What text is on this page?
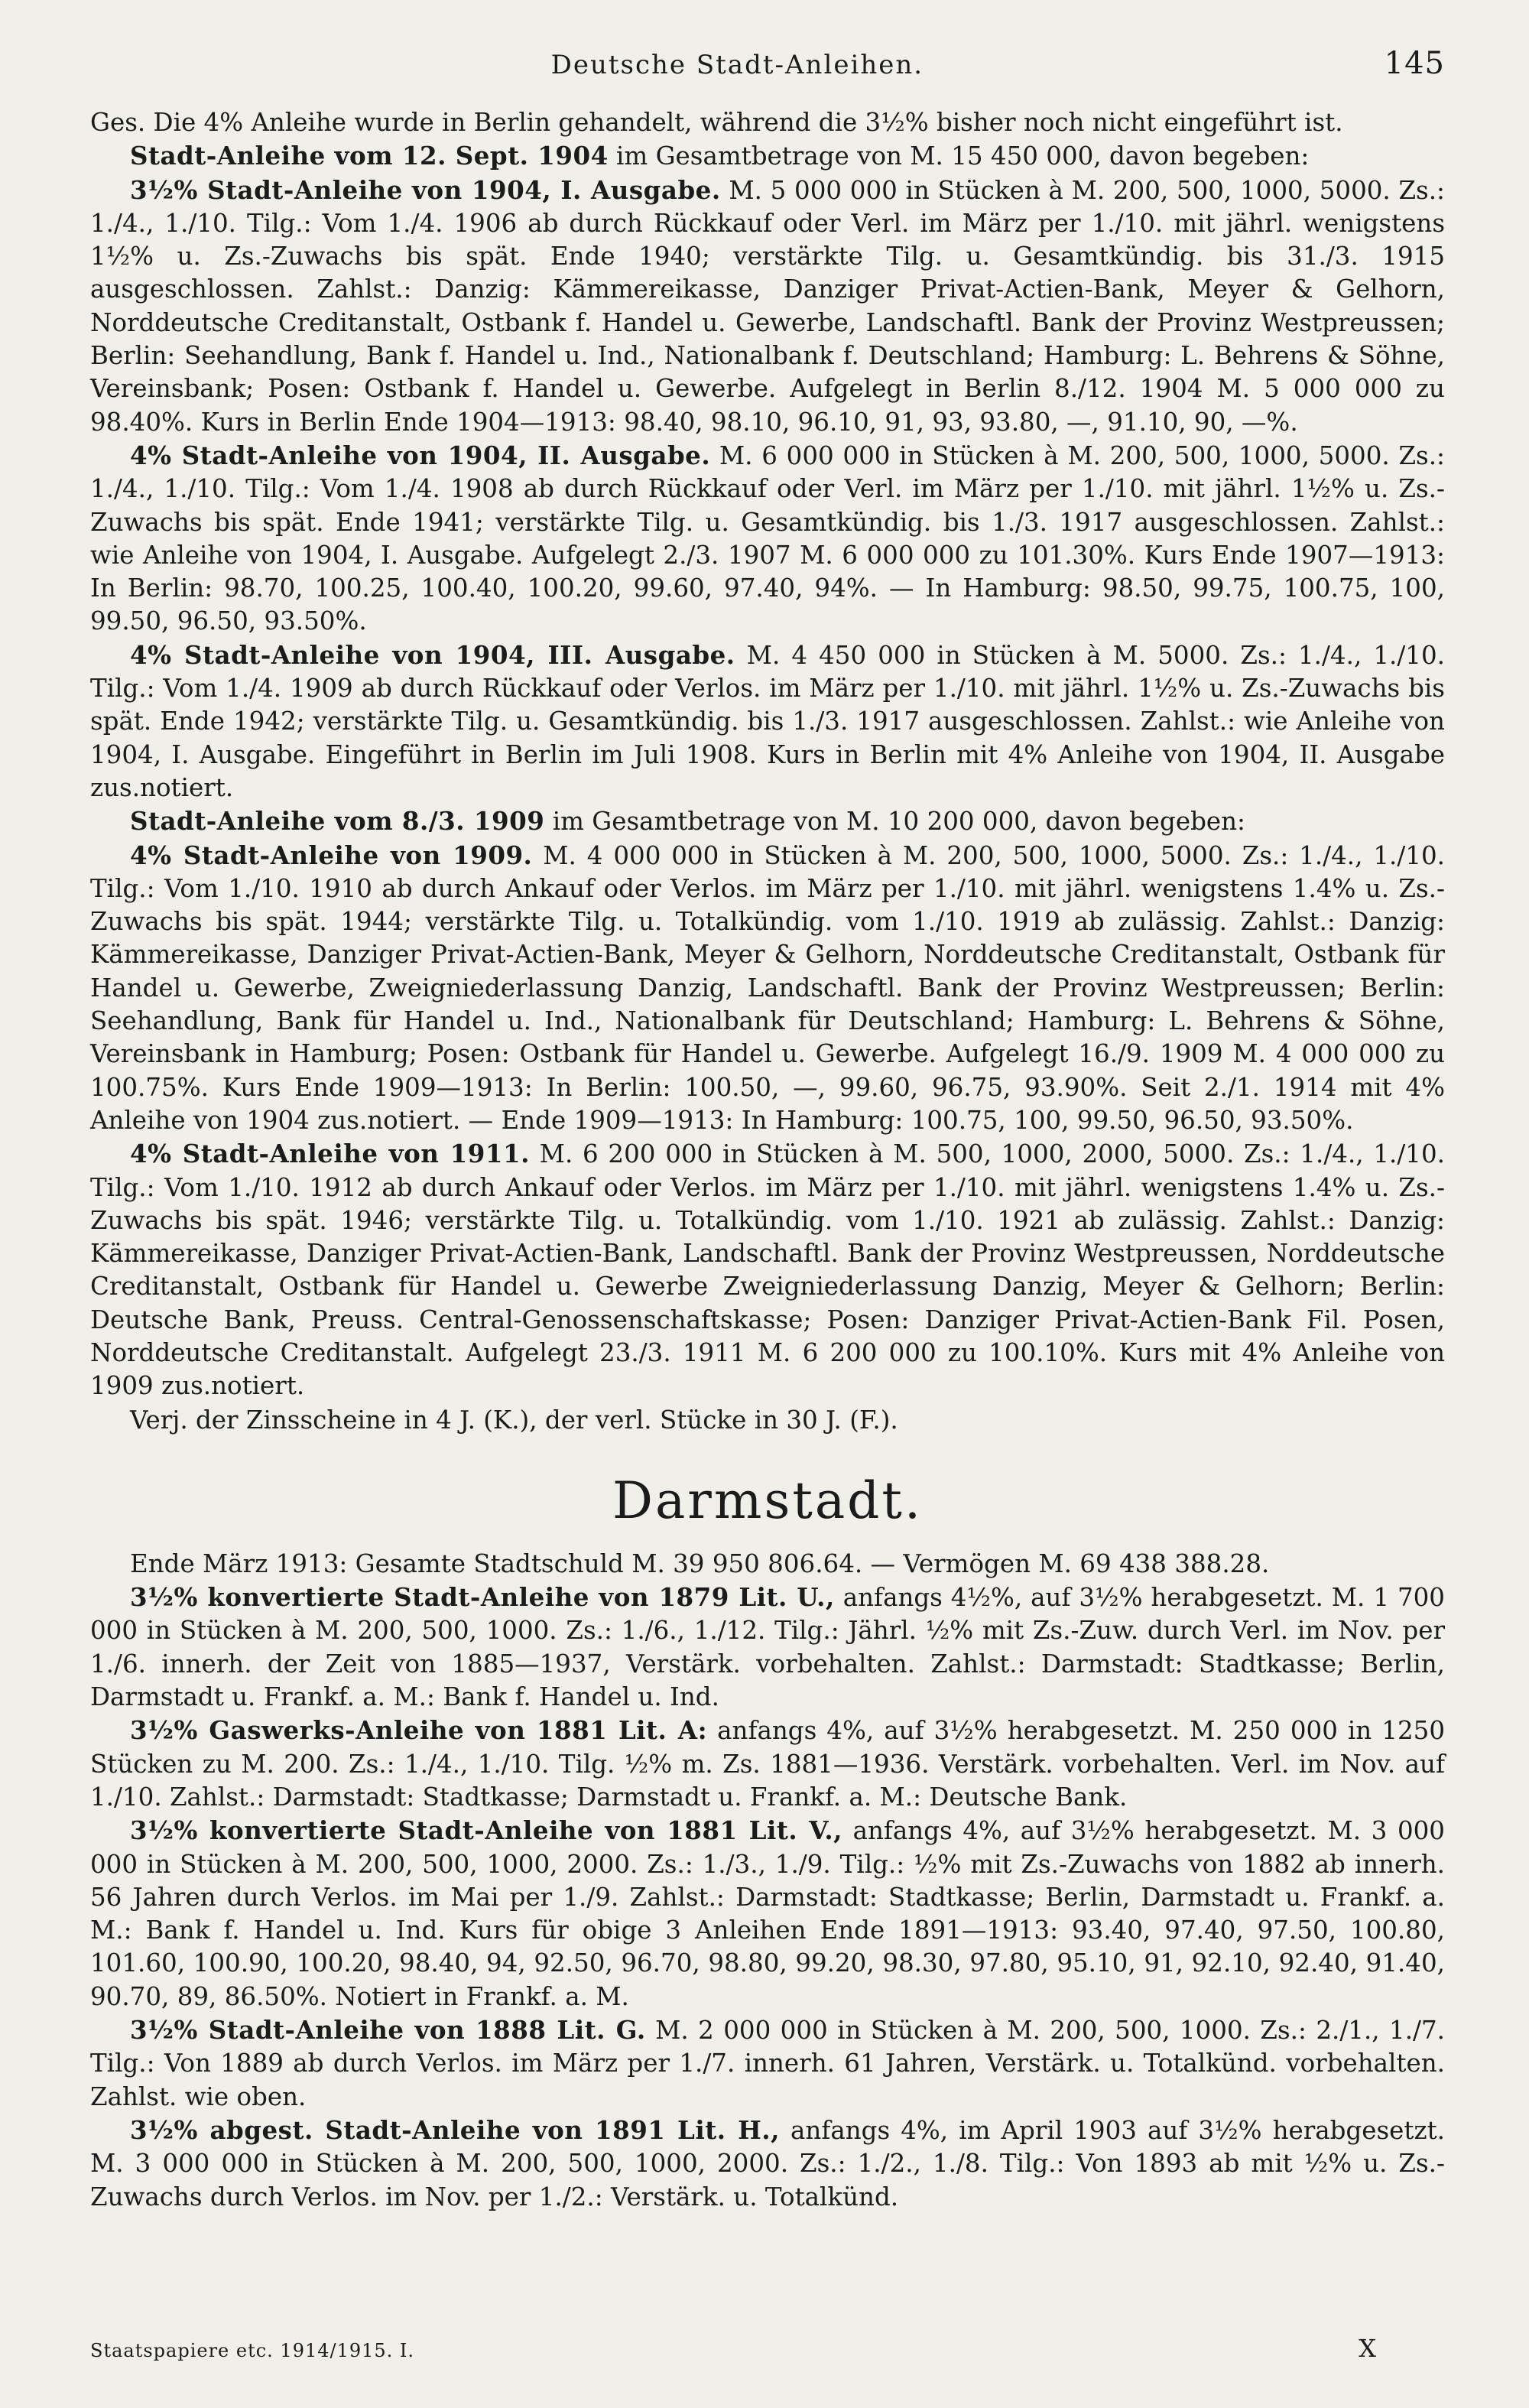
Deutsche Stadt-Anleihen.	145

Ges. Die 4% Anleihe wurde in Berlin gehandelt, während die 3½% bisher noch nicht eingeführt ist.

Stadt-Anleihe vom 12. Sept. 1904 im Gesamtbetrage von M. 15 450 000, davon begeben:

3½% Stadt-Anleihe von 1904, I. Ausgabe. M. 5 000 000 in Stücken à M. 200, 500, 1000, 5000. Zs.: 1./4., 1./10. Tilg.: Vom 1./4. 1906 ab durch Rückkauf oder Verl. im März per 1./10. mit jährl. wenigstens 1½% u. Zs.-Zuwachs bis spät. Ende 1940; verstärkte Tilg. u. Gesamtkündig. bis 31./3. 1915 ausgeschlossen. Zahlst.: Danzig: Kämmereikasse, Danziger Privat-Actien-Bank, Meyer & Gelhorn, Norddeutsche Creditanstalt, Ostbank f. Handel u. Gewerbe, Landschaftl. Bank der Provinz Westpreussen; Berlin: Seehandlung, Bank f. Handel u. Ind., Nationalbank f. Deutschland; Hamburg: L. Behrens & Söhne, Vereinsbank; Posen: Ostbank f. Handel u. Gewerbe. Aufgelegt in Berlin 8./12. 1904 M. 5 000 000 zu 98.40%. Kurs in Berlin Ende 1904—1913: 98.40, 98.10, 96.10, 91, 93, 93.80, —, 91.10, 90, —%.

4% Stadt-Anleihe von 1904, II. Ausgabe. M. 6 000 000 in Stücken à M. 200, 500, 1000, 5000. Zs.: 1./4., 1./10. Tilg.: Vom 1./4. 1908 ab durch Rückkauf oder Verl. im März per 1./10. mit jährl. 1½% u. Zs.-Zuwachs bis spät. Ende 1941; verstärkte Tilg. u. Gesamtkündig. bis 1./3. 1917 ausgeschlossen. Zahlst.: wie Anleihe von 1904, I. Ausgabe. Aufgelegt 2./3. 1907 M. 6 000 000 zu 101.30%. Kurs Ende 1907—1913: In Berlin: 98.70, 100.25, 100.40, 100.20, 99.60, 97.40, 94%. — In Hamburg: 98.50, 99.75, 100.75, 100, 99.50, 96.50, 93.50%.

4% Stadt-Anleihe von 1904, III. Ausgabe. M. 4 450 000 in Stücken à M. 5000. Zs.: 1./4., 1./10. Tilg.: Vom 1./4. 1909 ab durch Rückkauf oder Verlos. im März per 1./10. mit jährl. 1½% u. Zs.-Zuwachs bis spät. Ende 1942; verstärkte Tilg. u. Gesamtkündig. bis 1./3. 1917 ausgeschlossen. Zahlst.: wie Anleihe von 1904, I. Ausgabe. Eingeführt in Berlin im Juli 1908. Kurs in Berlin mit 4% Anleihe von 1904, II. Ausgabe zus.notiert.

Stadt-Anleihe vom 8./3. 1909 im Gesamtbetrage von M. 10 200 000, davon begeben:

4% Stadt-Anleihe von 1909. M. 4 000 000 in Stücken à M. 200, 500, 1000, 5000. Zs.: 1./4., 1./10. Tilg.: Vom 1./10. 1910 ab durch Ankauf oder Verlos. im März per 1./10. mit jährl. wenigstens 1.4% u. Zs.-Zuwachs bis spät. 1944; verstärkte Tilg. u. Totalkündig. vom 1./10. 1919 ab zulässig. Zahlst.: Danzig: Kämmereikasse, Danziger Privat-Actien-Bank, Meyer & Gelhorn, Norddeutsche Creditanstalt, Ostbank für Handel u. Gewerbe, Zweigniederlassung Danzig, Landschaftl. Bank der Provinz Westpreussen; Berlin: Seehandlung, Bank für Handel u. Ind., Nationalbank für Deutschland; Hamburg: L. Behrens & Söhne, Vereinsbank in Hamburg; Posen: Ostbank für Handel u. Gewerbe. Aufgelegt 16./9. 1909 M. 4 000 000 zu 100.75%. Kurs Ende 1909—1913: In Berlin: 100.50, —, 99.60, 96.75, 93.90%. Seit 2./1. 1914 mit 4% Anleihe von 1904 zus.notiert. — Ende 1909—1913: In Hamburg: 100.75, 100, 99.50, 96.50, 93.50%.

4% Stadt-Anleihe von 1911. M. 6 200 000 in Stücken à M. 500, 1000, 2000, 5000. Zs.: 1./4., 1./10. Tilg.: Vom 1./10. 1912 ab durch Ankauf oder Verlos. im März per 1./10. mit jährl. wenigstens 1.4% u. Zs.-Zuwachs bis spät. 1946; verstärkte Tilg. u. Totalkündig. vom 1./10. 1921 ab zulässig. Zahlst.: Danzig: Kämmereikasse, Danziger Privat-Actien-Bank, Landschaftl. Bank der Provinz Westpreussen, Norddeutsche Creditanstalt, Ostbank für Handel u. Gewerbe Zweigniederlassung Danzig, Meyer & Gelhorn; Berlin: Deutsche Bank, Preuss. Central-Genossenschaftskasse; Posen: Danziger Privat-Actien-Bank Fil. Posen, Norddeutsche Creditanstalt. Aufgelegt 23./3. 1911 M. 6 200 000 zu 100.10%. Kurs mit 4% Anleihe von 1909 zus.notiert.

Verj. der Zinsscheine in 4 J. (K.), der verl. Stücke in 30 J. (F.).

Darmstadt.

Ende März 1913: Gesamte Stadtschuld M. 39 950 806.64. — Vermögen M. 69 438 388.28.

3½% konvertierte Stadt-Anleihe von 1879 Lit. U., anfangs 4½%, auf 3½% herabgesetzt. M. 1 700 000 in Stücken à M. 200, 500, 1000. Zs.: 1./6., 1./12. Tilg.: Jährl. ½% mit Zs.-Zuw. durch Verl. im Nov. per 1./6. innerh. der Zeit von 1885—1937, Verstärk. vorbehalten. Zahlst.: Darmstadt: Stadtkasse; Berlin, Darmstadt u. Frankf. a. M.: Bank f. Handel u. Ind.

3½% Gaswerks-Anleihe von 1881 Lit. A: anfangs 4%, auf 3½% herabgesetzt. M. 250 000 in 1250 Stücken zu M. 200. Zs.: 1./4., 1./10. Tilg. ½% m. Zs. 1881—1936. Verstärk. vorbehalten. Verl. im Nov. auf 1./10. Zahlst.: Darmstadt: Stadtkasse; Darmstadt u. Frankf. a. M.: Deutsche Bank.

3½% konvertierte Stadt-Anleihe von 1881 Lit. V., anfangs 4%, auf 3½% herabgesetzt. M. 3 000 000 in Stücken à M. 200, 500, 1000, 2000. Zs.: 1./3., 1./9. Tilg.: ½% mit Zs.-Zuwachs von 1882 ab innerh. 56 Jahren durch Verlos. im Mai per 1./9. Zahlst.: Darmstadt: Stadtkasse; Berlin, Darmstadt u. Frankf. a. M.: Bank f. Handel u. Ind. Kurs für obige 3 Anleihen Ende 1891—1913: 93.40, 97.40, 97.50, 100.80, 101.60, 100.90, 100.20, 98.40, 94, 92.50, 96.70, 98.80, 99.20, 98.30, 97.80, 95.10, 91, 92.10, 92.40, 91.40, 90.70, 89, 86.50%. Notiert in Frankf. a. M.

3½% Stadt-Anleihe von 1888 Lit. G. M. 2 000 000 in Stücken à M. 200, 500, 1000. Zs.: 2./1., 1./7. Tilg.: Von 1889 ab durch Verlos. im März per 1./7. innerh. 61 Jahren, Verstärk. u. Totalkünd. vorbehalten. Zahlst. wie oben.

3½% abgest. Stadt-Anleihe von 1891 Lit. H., anfangs 4%, im April 1903 auf 3½% herabgesetzt. M. 3 000 000 in Stücken à M. 200, 500, 1000, 2000. Zs.: 1./2., 1./8. Tilg.: Von 1893 ab mit ½% u. Zs.-Zuwachs durch Verlos. im Nov. per 1./2.: Verstärk. u. Totalkünd.

Staatspapiere etc. 1914/1915. I.	X
